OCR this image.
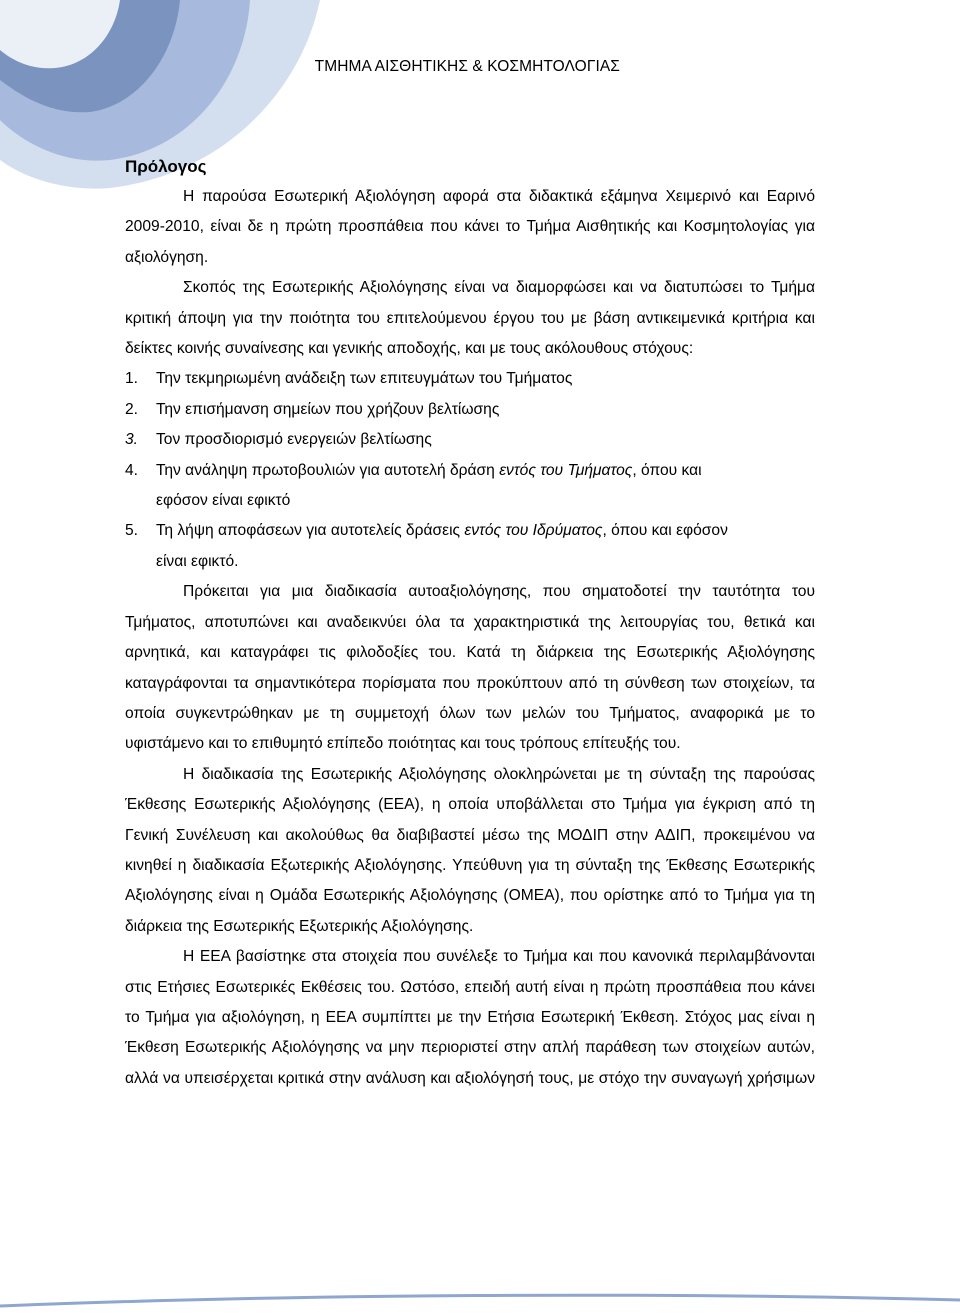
ΤΜΗΜΑ ΑΙΣΘΗΤΙΚΗΣ & ΚΟΣΜΗΤΟΛΟΓΙΑΣ
Πρόλογος

Η παρούσα Εσωτερική Αξιολόγηση αφορά στα διδακτικά εξάμηνα Χειμερινό και Εαρινό 2009-2010, είναι δε η πρώτη προσπάθεια που κάνει το Τμήμα Αισθητικής και Κοσμητολογίας για αξιολόγηση.

Σκοπός της Εσωτερικής Αξιολόγησης είναι να διαμορφώσει και να διατυπώσει το Τμήμα κριτική άποψη για την ποιότητα του επιτελούμενου έργου του με βάση αντικειμενικά κριτήρια και δείκτες κοινής συναίνεσης και γενικής αποδοχής, και με τους ακόλουθους στόχους:

1.	Την τεκμηριωμένη ανάδειξη των επιτευγμάτων του Τμήματος
2.	Την επισήμανση σημείων που χρήζουν βελτίωσης
3.	Τον προσδιορισμό ενεργειών βελτίωσης
4.	Την ανάληψη πρωτοβουλιών για αυτοτελή δράση εντός του Τμήματος, όπου και
εφόσον είναι εφικτό
5.	Τη λήψη αποφάσεων για αυτοτελείς δράσεις εντός του Ιδρύματος, όπου και εφόσον
είναι εφικτό.

Πρόκειται για μια διαδικασία αυτοαξιολόγησης, που σηματοδοτεί την ταυτότητα του Τμήματος, αποτυπώνει και αναδεικνύει όλα τα χαρακτηριστικά της λειτουργίας του, θετικά και αρνητικά, και καταγράφει τις φιλοδοξίες του. Κατά τη διάρκεια της Εσωτερικής Αξιολόγησης καταγράφονται τα σημαντικότερα πορίσματα που προκύπτουν από τη σύνθεση των στοιχείων, τα οποία συγκεντρώθηκαν με τη συμμετοχή όλων των μελών του Τμήματος, αναφορικά με το υφιστάμενο και το επιθυμητό επίπεδο ποιότητας και τους τρόπους επίτευξής του.

Η διαδικασία της Εσωτερικής Αξιολόγησης ολοκληρώνεται με τη σύνταξη της παρούσας Έκθεσης Εσωτερικής Αξιολόγησης (ΕΕΑ), η οποία υποβάλλεται στο Τμήμα για έγκριση από τη Γενική Συνέλευση και ακολούθως θα διαβιβαστεί μέσω της ΜΟΔΙΠ στην ΑΔΙΠ, προκειμένου να κινηθεί η διαδικασία Εξωτερικής Αξιολόγησης. Υπεύθυνη για τη σύνταξη της Έκθεσης Εσωτερικής Αξιολόγησης είναι η Ομάδα Εσωτερικής Αξιολόγησης (ΟΜΕΑ), που ορίστηκε από το Τμήμα για τη διάρκεια της Εσωτερικής Εξωτερικής Αξιολόγησης.

Η ΕΕΑ βασίστηκε στα στοιχεία που συνέλεξε το Τμήμα και που κανονικά περιλαμβάνονται στις Ετήσιες Εσωτερικές Εκθέσεις του. Ωστόσο, επειδή αυτή είναι η πρώτη προσπάθεια που κάνει το Τμήμα για αξιολόγηση, η ΕΕΑ συμπίπτει με την Ετήσια Εσωτερική Έκθεση. Στόχος μας είναι η Έκθεση Εσωτερικής Αξιολόγησης να μην περιοριστεί στην απλή παράθεση των στοιχείων αυτών, αλλά να υπεισέρχεται κριτικά στην ανάλυση και αξιολόγησή τους, με στόχο την συναγωγή χρήσιμων
